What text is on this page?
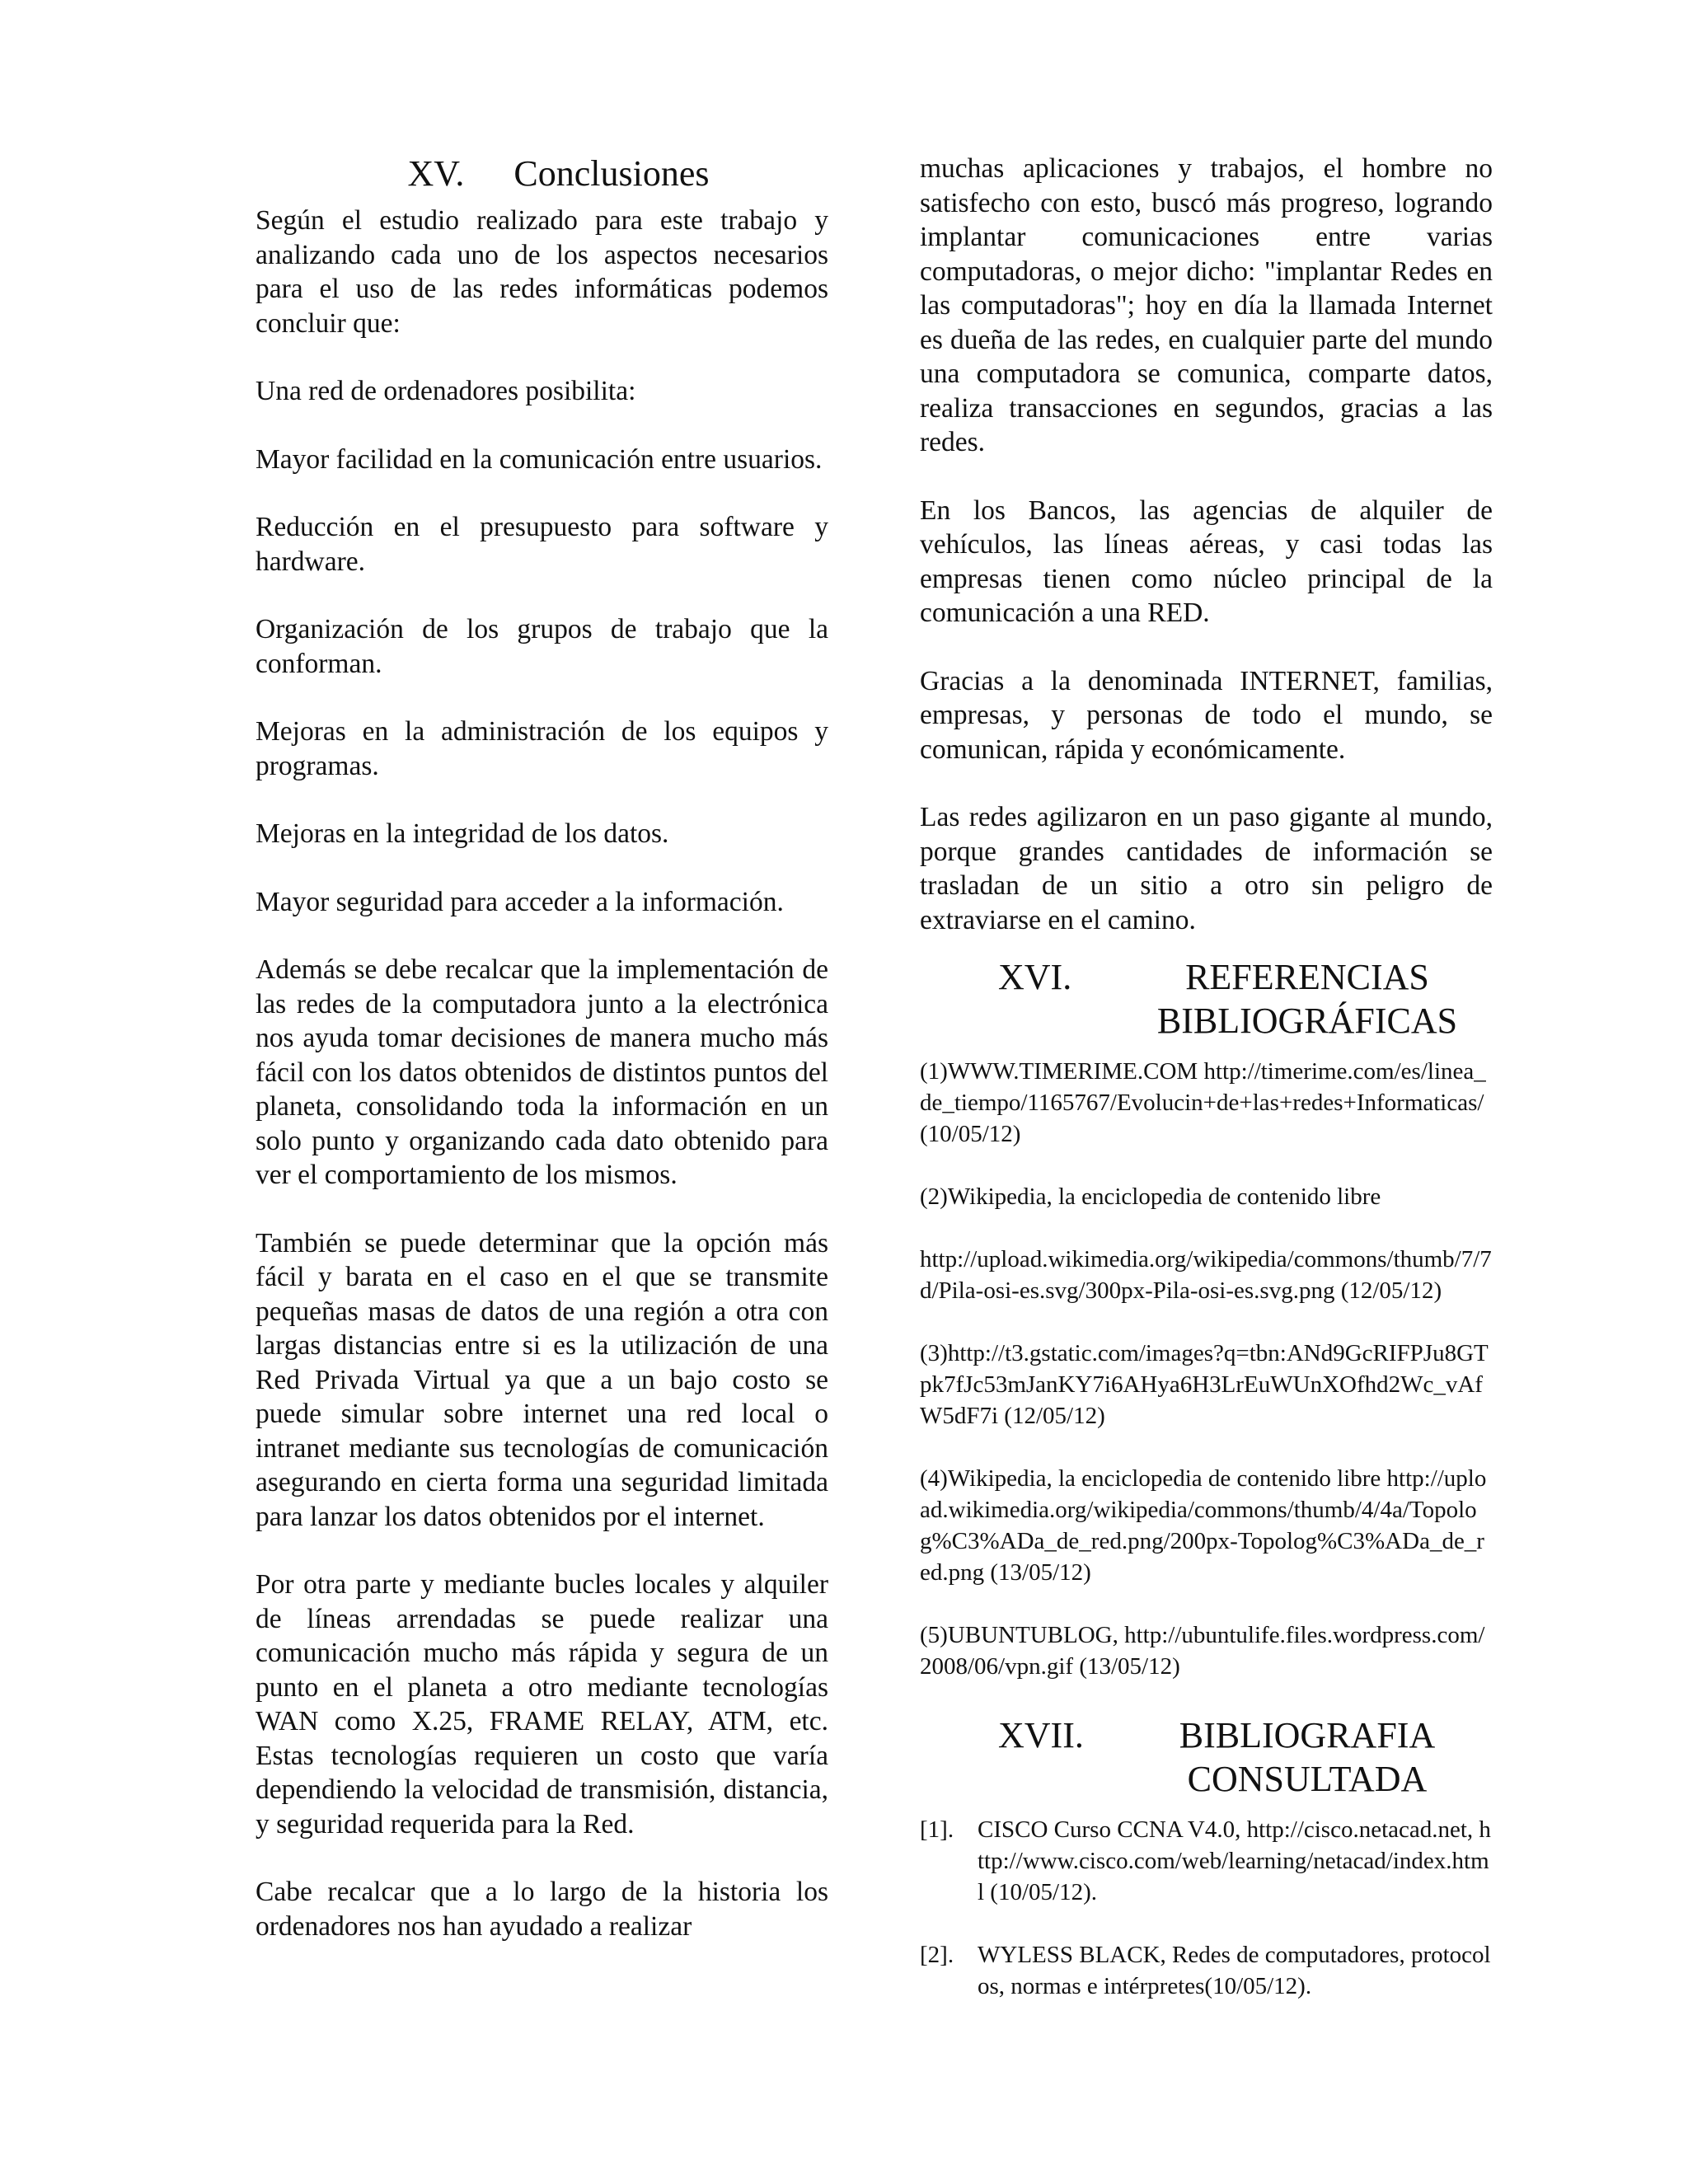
XV. Conclusiones

Según el estudio realizado para este trabajo y analizando cada uno de los aspectos necesarios para el uso de las redes informáticas podemos concluir que:

Una red de ordenadores posibilita:

Mayor facilidad en la comunicación entre usuarios.

Reducción en el presupuesto para software y hardware.

Organización de los grupos de trabajo que la conforman.

Mejoras en la administración de los equipos y programas.

Mejoras en la integridad de los datos.

Mayor seguridad para acceder a la información.

Además se debe recalcar que la implementación de las redes de la computadora junto a la electrónica nos ayuda tomar decisiones de manera mucho más fácil con los datos obtenidos de distintos puntos del planeta, consolidando toda la información en un solo punto y organizando cada dato obtenido para ver el comportamiento de los mismos.

También se puede determinar que la opción más fácil y barata en el caso en el que se transmite pequeñas masas de datos de una región a otra con largas distancias entre si es la utilización de una Red Privada Virtual ya que a un bajo costo se puede simular sobre internet una red local o intranet mediante sus tecnologías de comunicación asegurando en cierta forma una seguridad limitada para lanzar los datos obtenidos por el internet.

Por otra parte y mediante bucles locales y alquiler de líneas arrendadas se puede realizar una comunicación mucho más rápida y segura de un punto en el planeta a otro mediante tecnologías WAN como X.25, FRAME RELAY, ATM, etc. Estas tecnologías requieren un costo que varía dependiendo la velocidad de transmisión, distancia, y seguridad requerida para la Red.

Cabe recalcar que a lo largo de la historia los ordenadores nos han ayudado a realizar

muchas aplicaciones y trabajos, el hombre no satisfecho con esto, buscó más progreso, logrando implantar comunicaciones entre varias computadoras, o mejor dicho: "implantar Redes en las computadoras"; hoy en día la llamada Internet es dueña de las redes, en cualquier parte del mundo una computadora se comunica, comparte datos, realiza transacciones en segundos, gracias a las redes.

En los Bancos, las agencias de alquiler de vehículos, las líneas aéreas, y casi todas las empresas tienen como núcleo principal de la comunicación a una RED.

Gracias a la denominada INTERNET, familias, empresas, y personas de todo el mundo, se comunican, rápida y económicamente.

Las redes agilizaron en un paso gigante al mundo, porque grandes cantidades de información se trasladan de un sitio a otro sin peligro de extraviarse en el camino.

XVI.	REFERENCIAS
BIBLIOGRÁFICAS
(1)WWW.TIMERIME.COM http://timerime.com/es/linea_de_tiempo/1165767/Evolucin+de+las+redes+Informaticas/ (10/05/12)
(2)Wikipedia, la enciclopedia de contenido libre
http://upload.wikimedia.org/wikipedia/commons/thumb/7/7d/Pila-osi-es.svg/300px-Pila-osi-es.svg.png (12/05/12)
(3)http://t3.gstatic.com/images?q=tbn:ANd9GcRIFPJu8GTpk7fJc53mJanKY7i6AHya6H3LrEuWUnXOfhd2Wc_vAfW5dF7i (12/05/12)
(4)Wikipedia, la enciclopedia de contenido libre http://upload.wikimedia.org/wikipedia/commons/thumb/4/4a/Topolog%C3%ADa_de_red.png/200px-Topolog%C3%ADa_de_red.png (13/05/12)
(5)UBUNTUBLOG, http://ubuntulife.files.wordpress.com/2008/06/vpn.gif (13/05/12)
XVII.	BIBLIOGRAFIA
CONSULTADA
[1]. CISCO Curso CCNA V4.0, http://cisco.netacad.net, http://www.cisco.com/web/learning/netacad/index.html (10/05/12).
[2]. WYLESS BLACK, Redes de computadores, protocolos, normas e intérpretes(10/05/12).
